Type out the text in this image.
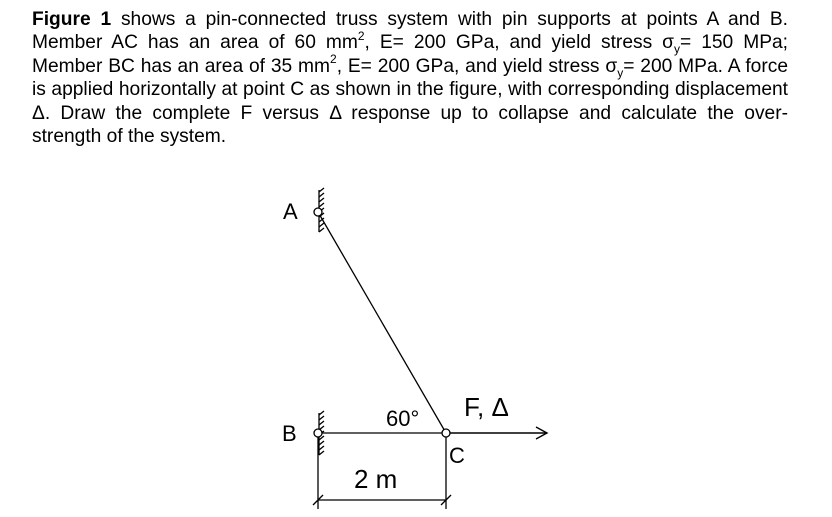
Figure 1 shows a pin-connected truss system with pin supports at points A and B. Member AC has an area of 60 $mm^2$, E= 200 GPa, and yield stress $\sigma_y= 150$ MPa; Member BC has an area of 35 $mm^2$, E= 200 GPa, and yield stress $\sigma_y= 200$ MPa. A force is applied horizontally at point C as shown in the figure, with corresponding displacement Δ. Draw the complete F versus Δ response up to collapse and calculate the over-strength of the system.
A
B
C
60°
2 m
F, Δ
